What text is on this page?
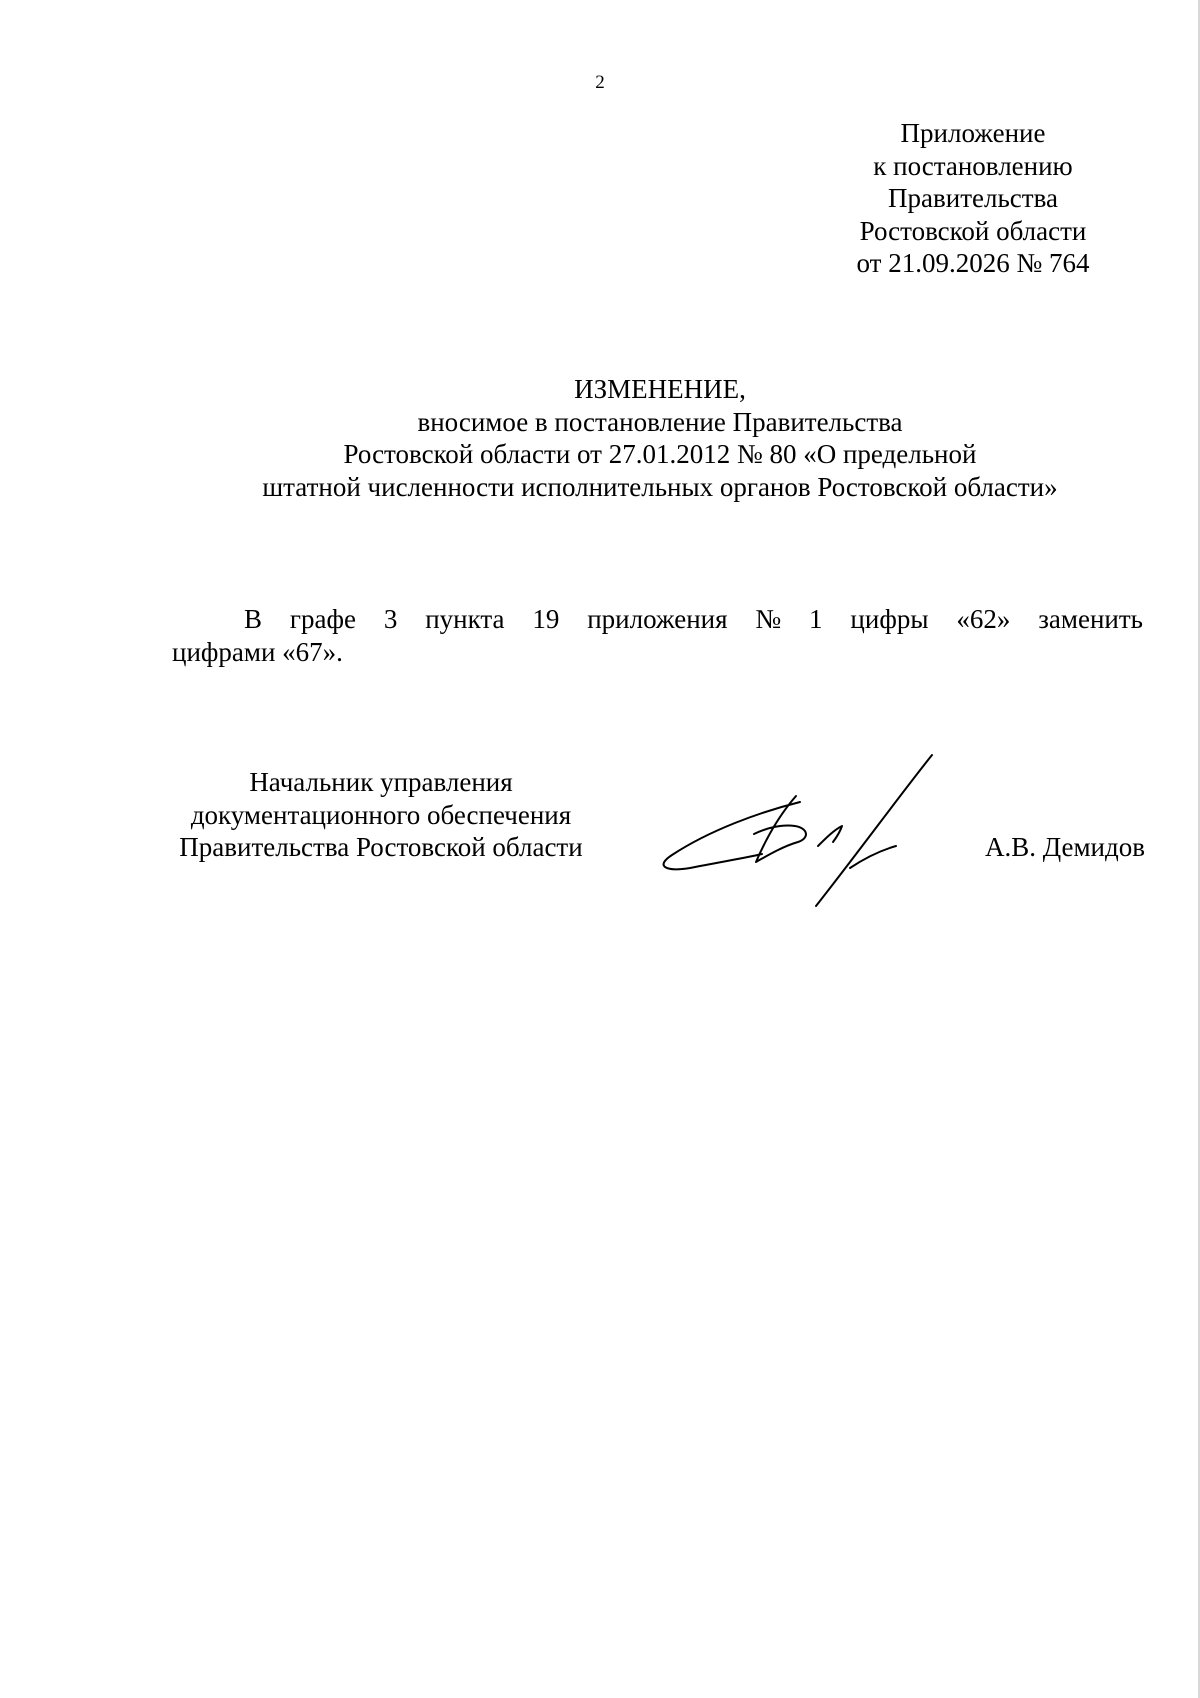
2
Приложение
к постановлению
Правительства
Ростовской области
от 21.09.2026 № 764
ИЗМЕНЕНИЕ,
вносимое в постановление Правительства
Ростовской области от 27.01.2012 № 80 «О предельной
штатной численности исполнительных органов Ростовской области»
В графе 3 пункта 19 приложения № 1 цифры «62» заменить
цифрами «67».
Начальник управления
документационного обеспечения
Правительства Ростовской области	А.В. Демидов
